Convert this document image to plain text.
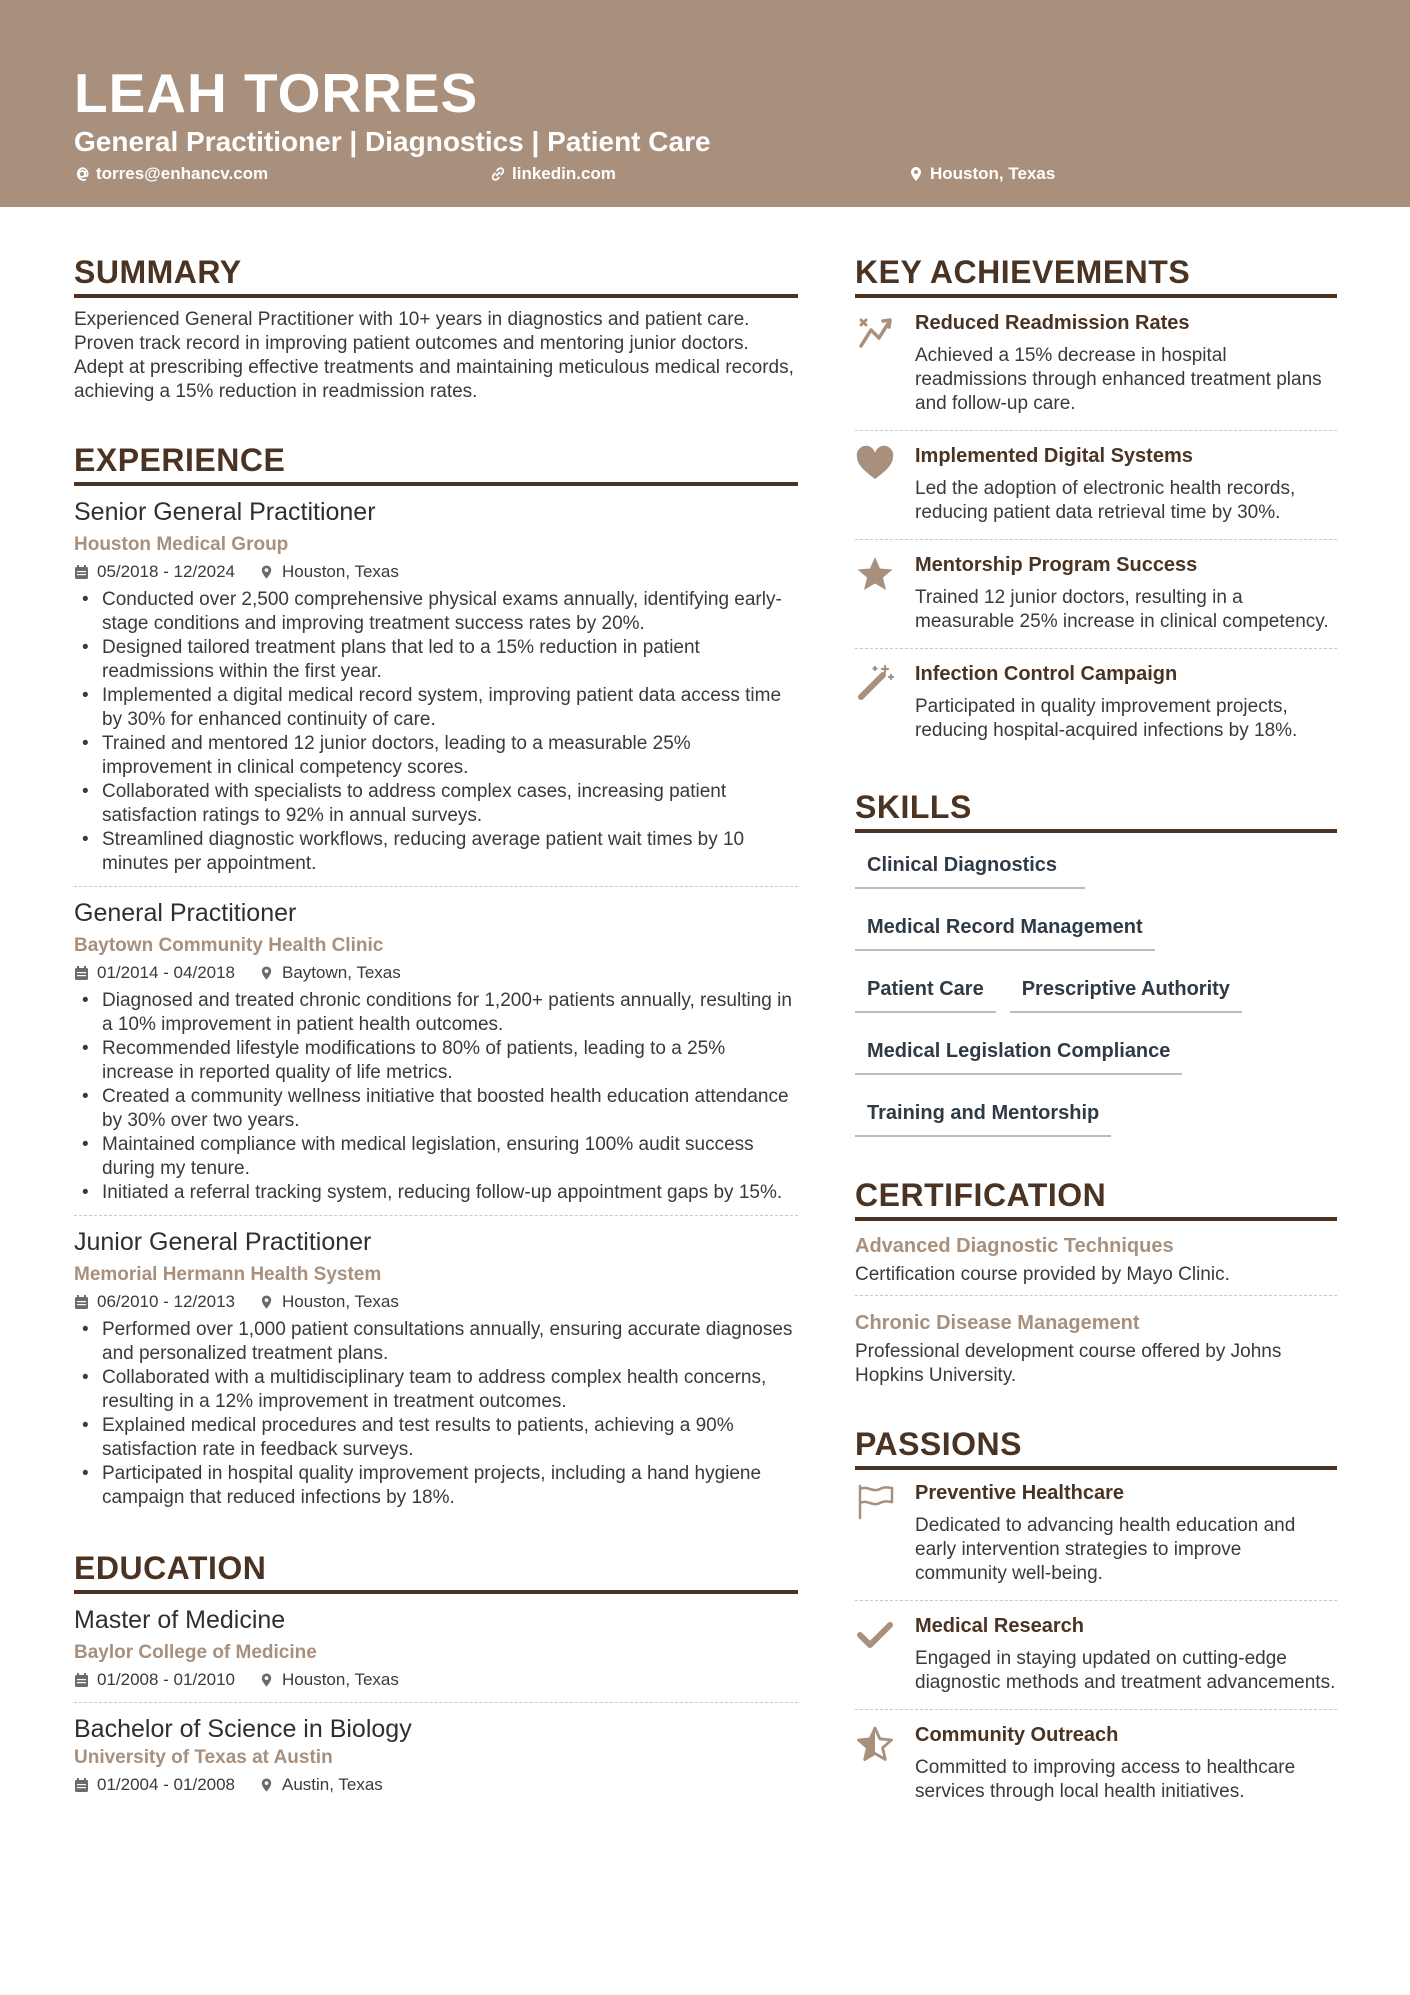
LEAH TORRES
General Practitioner | Diagnostics | Patient Care
torres@enhancv.com	linkedin.com	Houston, Texas
SUMMARY
Experienced General Practitioner with 10+ years in diagnostics and patient care. Proven track record in improving patient outcomes and mentoring junior doctors. Adept at prescribing effective treatments and maintaining meticulous medical records, achieving a 15% reduction in readmission rates.
EXPERIENCE
Senior General Practitioner
Houston Medical Group
05/2018 - 12/2024	Houston, Texas
• Conducted over 2,500 comprehensive physical exams annually, identifying early-stage conditions and improving treatment success rates by 20%.
• Designed tailored treatment plans that led to a 15% reduction in patient readmissions within the first year.
• Implemented a digital medical record system, improving patient data access time by 30% for enhanced continuity of care.
• Trained and mentored 12 junior doctors, leading to a measurable 25% improvement in clinical competency scores.
• Collaborated with specialists to address complex cases, increasing patient satisfaction ratings to 92% in annual surveys.
• Streamlined diagnostic workflows, reducing average patient wait times by 10 minutes per appointment.
General Practitioner
Baytown Community Health Clinic
01/2014 - 04/2018	Baytown, Texas
• Diagnosed and treated chronic conditions for 1,200+ patients annually, resulting in a 10% improvement in patient health outcomes.
• Recommended lifestyle modifications to 80% of patients, leading to a 25% increase in reported quality of life metrics.
• Created a community wellness initiative that boosted health education attendance by 30% over two years.
• Maintained compliance with medical legislation, ensuring 100% audit success during my tenure.
• Initiated a referral tracking system, reducing follow-up appointment gaps by 15%.
Junior General Practitioner
Memorial Hermann Health System
06/2010 - 12/2013	Houston, Texas
• Performed over 1,000 patient consultations annually, ensuring accurate diagnoses and personalized treatment plans.
• Collaborated with a multidisciplinary team to address complex health concerns, resulting in a 12% improvement in treatment outcomes.
• Explained medical procedures and test results to patients, achieving a 90% satisfaction rate in feedback surveys.
• Participated in hospital quality improvement projects, including a hand hygiene campaign that reduced infections by 18%.
EDUCATION
Master of Medicine
Baylor College of Medicine
01/2008 - 01/2010	Houston, Texas
Bachelor of Science in Biology
University of Texas at Austin
01/2004 - 01/2008	Austin, Texas
KEY ACHIEVEMENTS
Reduced Readmission Rates
Achieved a 15% decrease in hospital readmissions through enhanced treatment plans and follow-up care.
Implemented Digital Systems
Led the adoption of electronic health records, reducing patient data retrieval time by 30%.
Mentorship Program Success
Trained 12 junior doctors, resulting in a measurable 25% increase in clinical competency.
Infection Control Campaign
Participated in quality improvement projects, reducing hospital-acquired infections by 18%.
SKILLS
Clinical Diagnostics
Medical Record Management
Patient Care	Prescriptive Authority
Medical Legislation Compliance
Training and Mentorship
CERTIFICATION
Advanced Diagnostic Techniques
Certification course provided by Mayo Clinic.
Chronic Disease Management
Professional development course offered by Johns Hopkins University.
PASSIONS
Preventive Healthcare
Dedicated to advancing health education and early intervention strategies to improve community well-being.
Medical Research
Engaged in staying updated on cutting-edge diagnostic methods and treatment advancements.
Community Outreach
Committed to improving access to healthcare services through local health initiatives.
